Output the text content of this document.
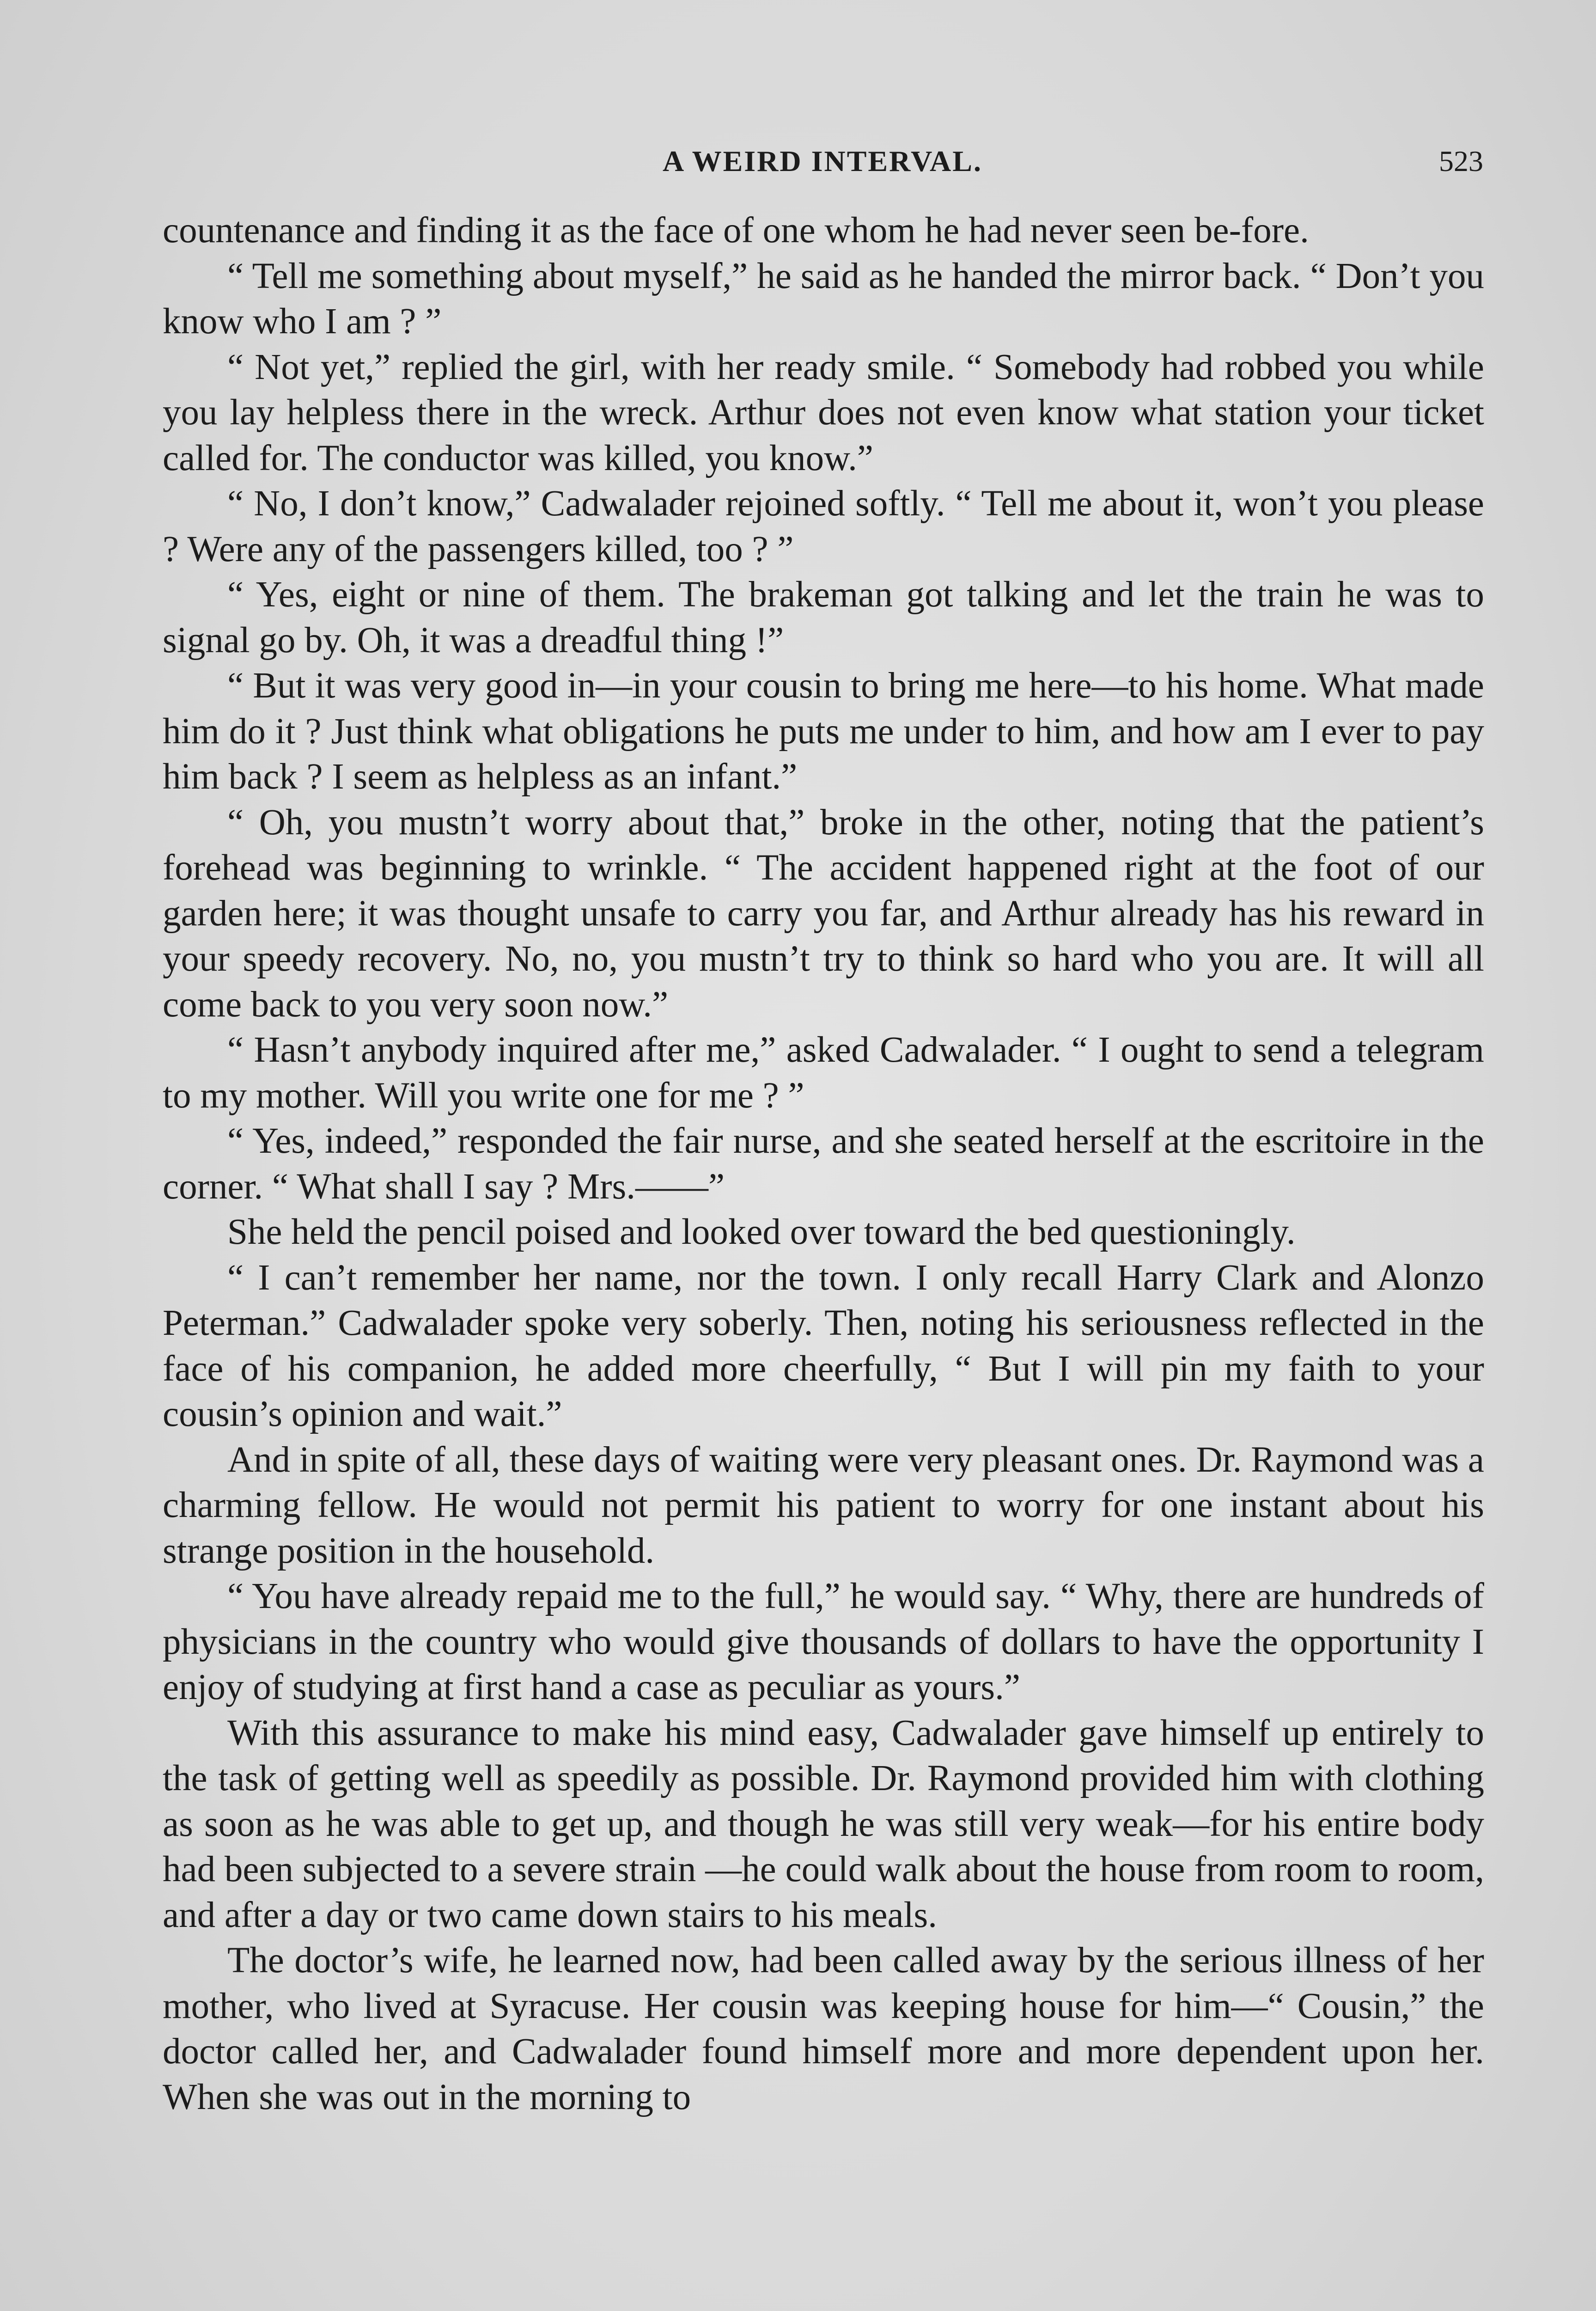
A WEIRD INTERVAL.	523

countenance and finding it as the face of one whom he had never seen be-fore.

“ Tell me something about myself,” he said as he handed the mirror back. “ Don’t you know who I am ? ”

“ Not yet,” replied the girl, with her ready smile. “ Somebody had robbed you while you lay helpless there in the wreck. Arthur does not even know what station your ticket called for. The conductor was killed, you know.”

“ No, I don’t know,” Cadwalader rejoined softly. “ Tell me about it, won’t you please ? Were any of the passengers killed, too ? ”

“ Yes, eight or nine of them. The brakeman got talking and let the train he was to signal go by. Oh, it was a dreadful thing !”

“ But it was very good in—in your cousin to bring me here—to his home. What made him do it ? Just think what obligations he puts me under to him, and how am I ever to pay him back ? I seem as helpless as an infant.”

“ Oh, you mustn’t worry about that,” broke in the other, noting that the patient’s forehead was beginning to wrinkle. “ The accident happened right at the foot of our garden here; it was thought unsafe to carry you far, and Arthur already has his reward in your speedy recovery. No, no, you mustn’t try to think so hard who you are. It will all come back to you very soon now.”

“ Hasn’t anybody inquired after me,” asked Cadwalader. “ I ought to send a telegram to my mother. Will you write one for me ? ”

“ Yes, indeed,” responded the fair nurse, and she seated herself at the escritoire in the corner. “ What shall I say ? Mrs.——”

She held the pencil poised and looked over toward the bed questioningly.

“ I can’t remember her name, nor the town. I only recall Harry Clark and Alonzo Peterman.” Cadwalader spoke very soberly. Then, noting his seriousness reflected in the face of his companion, he added more cheerfully, “ But I will pin my faith to your cousin’s opinion and wait.”

And in spite of all, these days of waiting were very pleasant ones. Dr. Raymond was a charming fellow. He would not permit his patient to worry for one instant about his strange position in the household.

“ You have already repaid me to the full,” he would say. “ Why, there are hundreds of physicians in the country who would give thousands of dollars to have the opportunity I enjoy of studying at first hand a case as peculiar as yours.”

With this assurance to make his mind easy, Cadwalader gave himself up entirely to the task of getting well as speedily as possible. Dr. Raymond provided him with clothing as soon as he was able to get up, and though he was still very weak—for his entire body had been subjected to a severe strain —he could walk about the house from room to room, and after a day or two came down stairs to his meals.

The doctor’s wife, he learned now, had been called away by the serious illness of her mother, who lived at Syracuse. Her cousin was keeping house for him—“ Cousin,” the doctor called her, and Cadwalader found himself more and more dependent upon her. When she was out in the morning to
